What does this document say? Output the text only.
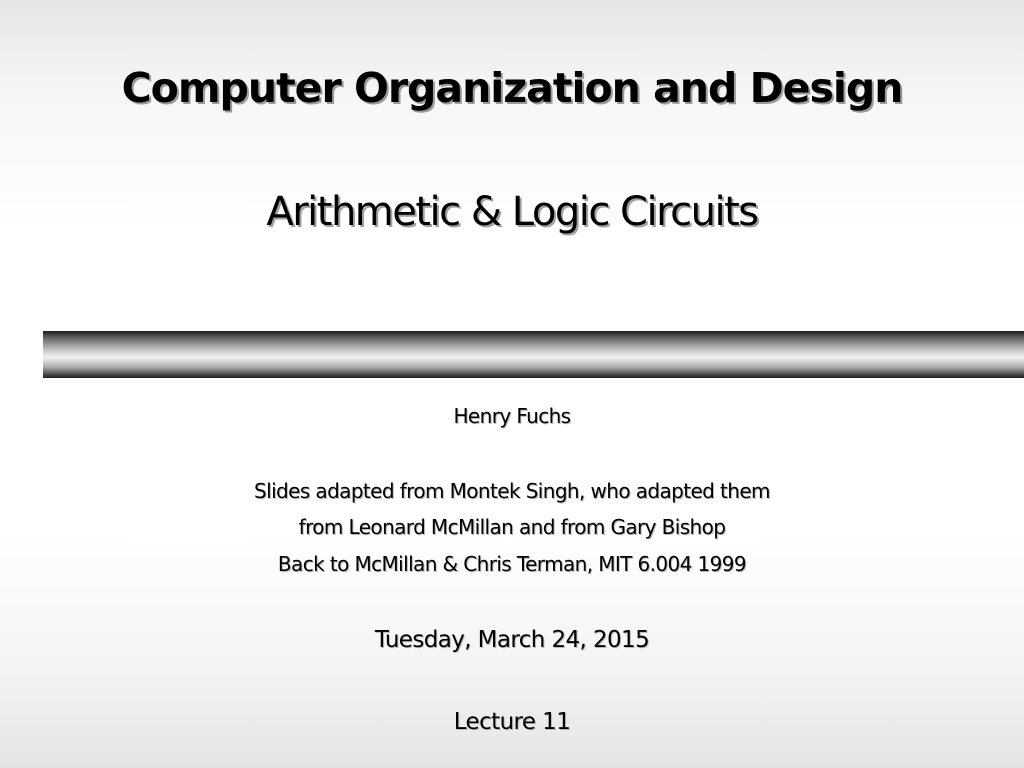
Computer Organization and Design
Arithmetic & Logic Circuits
Henry Fuchs
Slides adapted from Montek Singh, who adapted them
from Leonard McMillan and from Gary Bishop
Back to McMillan & Chris Terman, MIT 6.004 1999
Tuesday, March 24, 2015
Lecture 11
